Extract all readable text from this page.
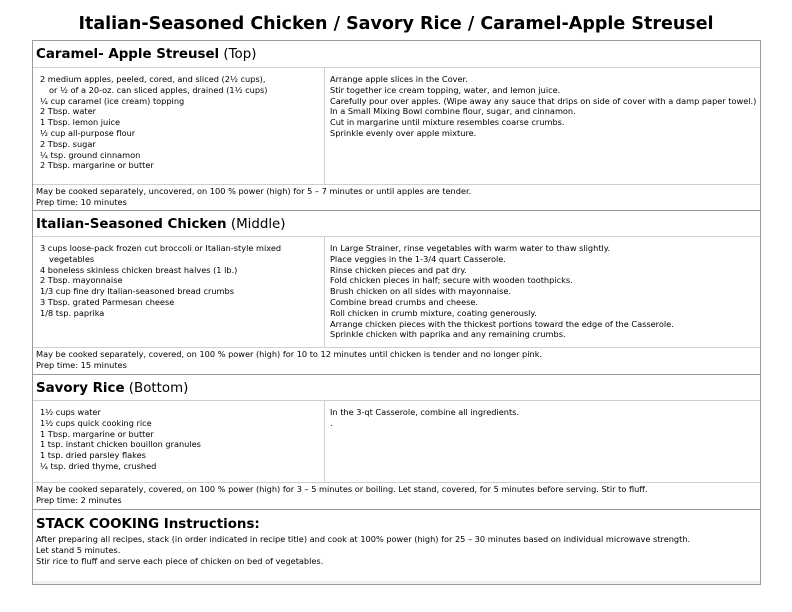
Italian-Seasoned Chicken / Savory Rice / Caramel-Apple Streusel
Caramel- Apple Streusel (Top)
2 medium apples, peeled, cored, and sliced (2½ cups),
or ½ of a 20-oz. can sliced apples, drained (1½ cups)
¼ cup caramel (ice cream) topping
2 Tbsp. water
1 Tbsp. lemon juice
½ cup all-purpose flour
2 Tbsp. sugar
¼ tsp. ground cinnamon
2 Tbsp. margarine or butter
Arrange apple slices in the Cover.
Stir together ice cream topping, water, and lemon juice.
Carefully pour over apples. (Wipe away any sauce that drips on side of cover with a damp paper towel.)
In a Small Mixing Bowl combine flour, sugar, and cinnamon.
Cut in margarine until mixture resembles coarse crumbs.
Sprinkle evenly over apple mixture.
May be cooked separately, uncovered, on 100 % power (high) for 5 – 7 minutes or until apples are tender.
Prep time: 10 minutes
Italian-Seasoned Chicken (Middle)
3 cups loose-pack frozen cut broccoli or Italian-style mixed
vegetables
4 boneless skinless chicken breast halves (1 lb.)
2 Tbsp. mayonnaise
1/3 cup fine dry Italian-seasoned bread crumbs
3 Tbsp. grated Parmesan cheese
1/8 tsp. paprika
In Large Strainer, rinse vegetables with warm water to thaw slightly.
Place veggies in the 1-3/4 quart Casserole.
Rinse chicken pieces and pat dry.
Fold chicken pieces in half; secure with wooden toothpicks.
Brush chicken on all sides with mayonnaise.
Combine bread crumbs and cheese.
Roll chicken in crumb mixture, coating generously.
Arrange chicken pieces with the thickest portions toward the edge of the Casserole.
Sprinkle chicken with paprika and any remaining crumbs.
May be cooked separately, covered, on 100 % power (high) for 10 to 12 minutes until chicken is tender and no longer pink.
Prep time: 15 minutes
Savory Rice (Bottom)
1½ cups water
1½ cups quick cooking rice
1 Tbsp. margarine or butter
1 tsp. instant chicken bouillon granules
1 tsp. dried parsley flakes
¼ tsp. dried thyme, crushed
In the 3-qt Casserole, combine all ingredients.
.
May be cooked separately, covered, on 100 % power (high) for 3 – 5 minutes or boiling. Let stand, covered, for 5 minutes before serving. Stir to fluff.
Prep time: 2 minutes
STACK COOKING Instructions:
After preparing all recipes, stack (in order indicated in recipe title) and cook at 100% power (high) for 25 – 30 minutes based on individual microwave strength.
Let stand 5 minutes.
Stir rice to fluff and serve each piece of chicken on bed of vegetables.
